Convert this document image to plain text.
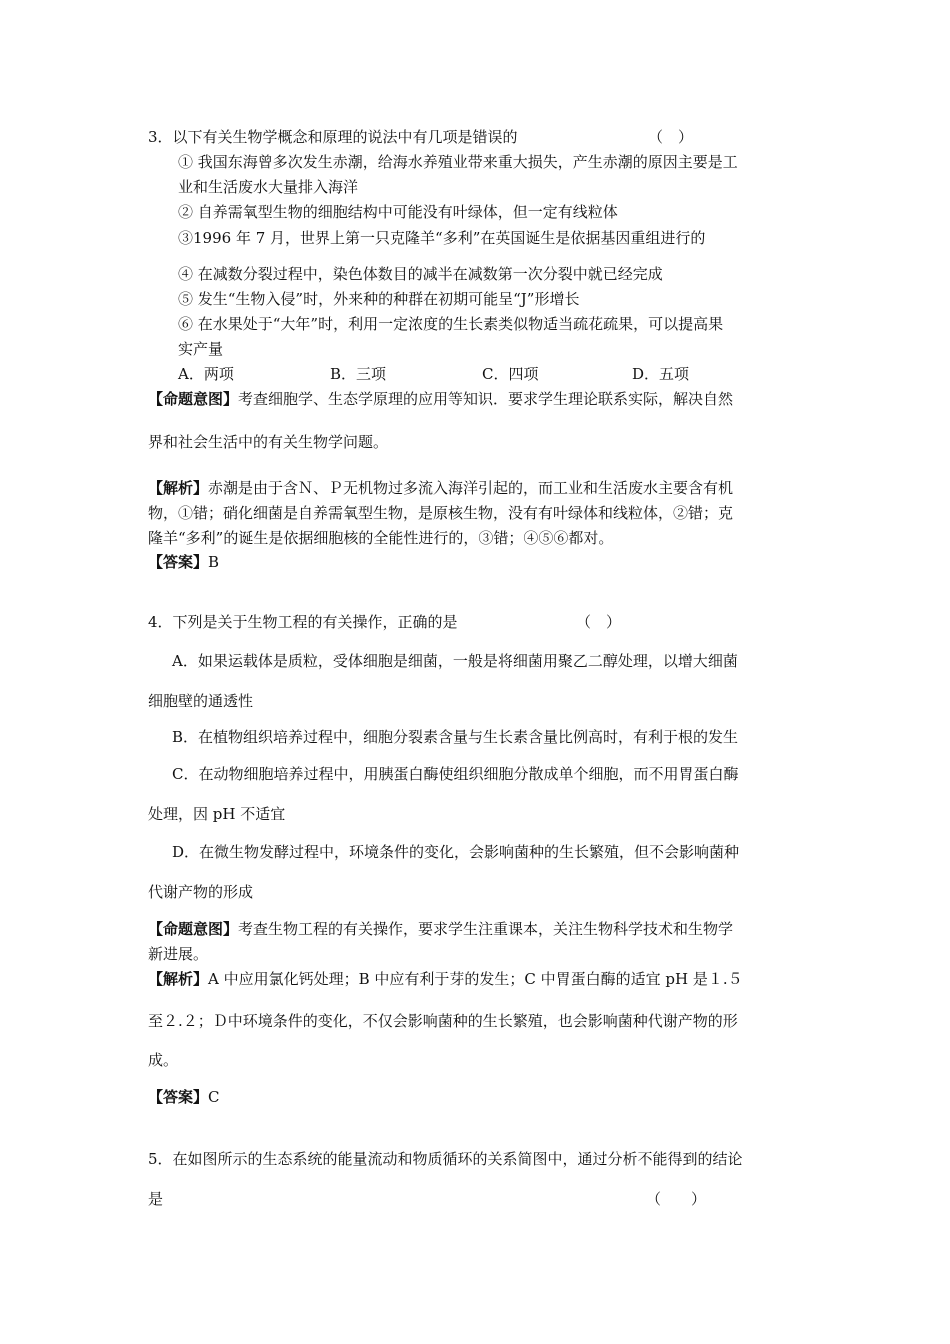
3．以下有关生物学概念和原理的说法中有几项是错误的	（　）
① 我国东海曾多次发生赤潮，给海水养殖业带来重大损失，产生赤潮的原因主要是工
业和生活废水大量排入海洋
② 自养需氧型生物的细胞结构中可能没有叶绿体，但一定有线粒体
③1996 年 7 月，世界上第一只克隆羊“多利”在英国诞生是依据基因重组进行的
④ 在减数分裂过程中，染色体数目的减半在减数第一次分裂中就已经完成
⑤ 发生“生物入侵”时，外来种的种群在初期可能呈“J”形增长
⑥ 在水果处于“大年”时，利用一定浓度的生长素类似物适当疏花疏果，可以提高果
实产量
A．两项	B．三项	C．四项	D．五项
【命题意图】考查细胞学、生态学原理的应用等知识．要求学生理论联系实际，解决自然
界和社会生活中的有关生物学问题。
【解析】赤潮是由于含Ｎ、Ｐ无机物过多流入海洋引起的，而工业和生活废水主要含有机
物，①错；硝化细菌是自养需氧型生物，是原核生物，没有有叶绿体和线粒体，②错；克
隆羊“多利”的诞生是依据细胞核的全能性进行的，③错；④⑤⑥都对。
【答案】B
4．下列是关于生物工程的有关操作，正确的是	（　）
A．如果运载体是质粒，受体细胞是细菌，一般是将细菌用聚乙二醇处理，以增大细菌
细胞壁的通透性
B．在植物组织培养过程中，细胞分裂素含量与生长素含量比例高时，有利于根的发生
C．在动物细胞培养过程中，用胰蛋白酶使组织细胞分散成单个细胞，而不用胃蛋白酶
处理，因 pH 不适宜
D．在微生物发酵过程中，环境条件的变化，会影响菌种的生长繁殖，但不会影响菌种
代谢产物的形成
【命题意图】考查生物工程的有关操作，要求学生注重课本，关注生物科学技术和生物学
新进展。
【解析】A 中应用氯化钙处理；B 中应有利于芽的发生；C 中胃蛋白酶的适宜 pH 是１.５
至２.２；Ｄ中环境条件的变化，不仅会影响菌种的生长繁殖，也会影响菌种代谢产物的形
成。
【答案】C
5．在如图所示的生态系统的能量流动和物质循环的关系简图中，通过分析不能得到的结论
是	（　　）
